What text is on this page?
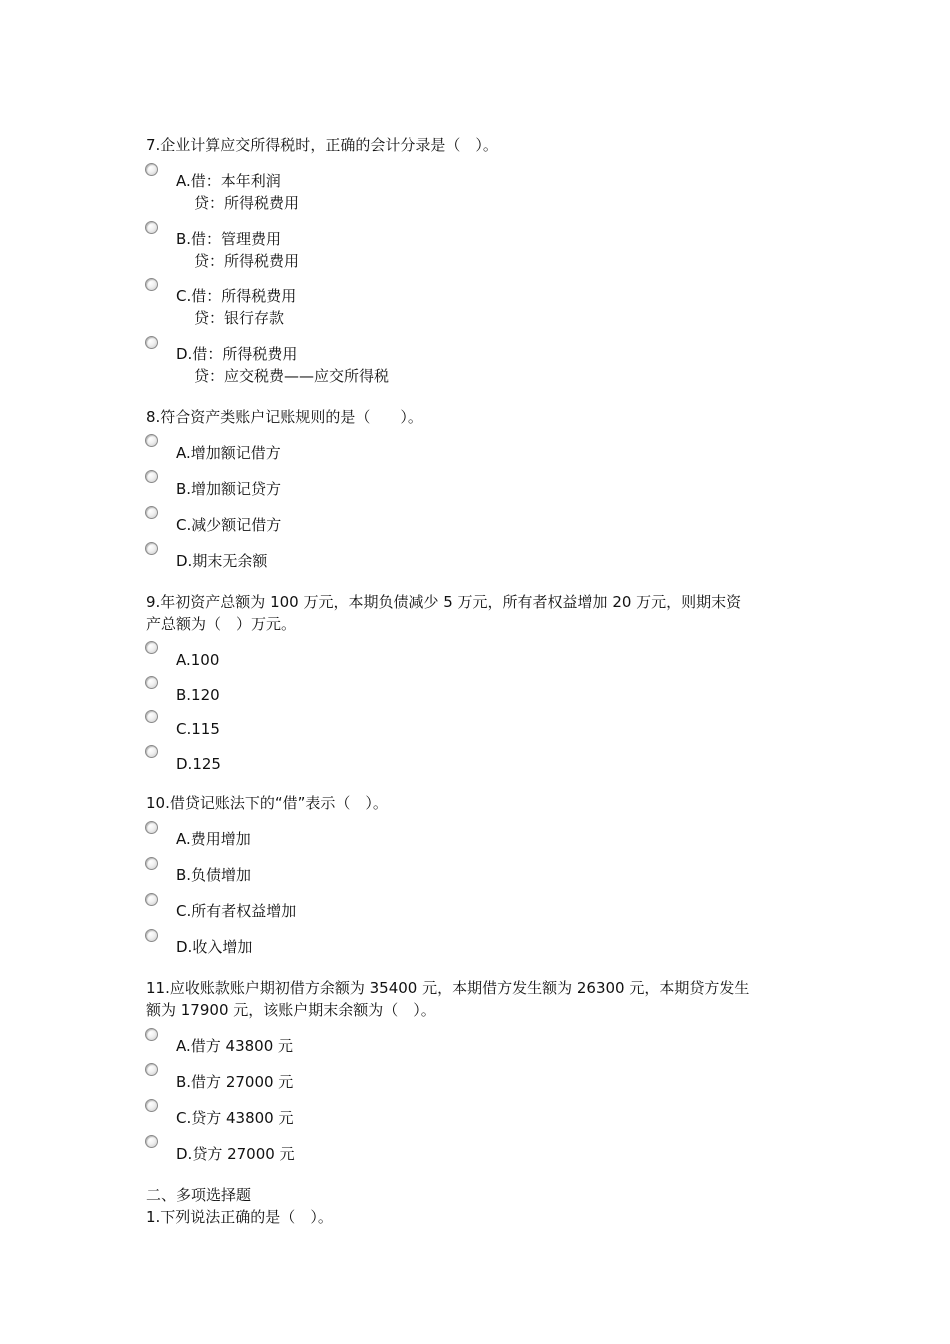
7.企业计算应交所得税时，正确的会计分录是（　）。
A.借：本年利润
贷：所得税费用
B.借：管理费用
贷：所得税费用
C.借：所得税费用
贷：银行存款
D.借：所得税费用
贷：应交税费——应交所得税
8.符合资产类账户记账规则的是（　　）。
A.增加额记借方
B.增加额记贷方
C.减少额记借方
D.期末无余额
9.年初资产总额为 100 万元，本期负债减少 5 万元，所有者权益增加 20 万元，则期末资
产总额为（　）万元。
A.100
B.120
C.115
D.125
10.借贷记账法下的“借”表示（　）。
A.费用增加
B.负债增加
C.所有者权益增加
D.收入增加
11.应收账款账户期初借方余额为 35400 元，本期借方发生额为 26300 元，本期贷方发生
额为 17900 元，该账户期末余额为（　）。
A.借方 43800 元
B.借方 27000 元
C.贷方 43800 元
D.贷方 27000 元
二、多项选择题
1.下列说法正确的是（　）。
